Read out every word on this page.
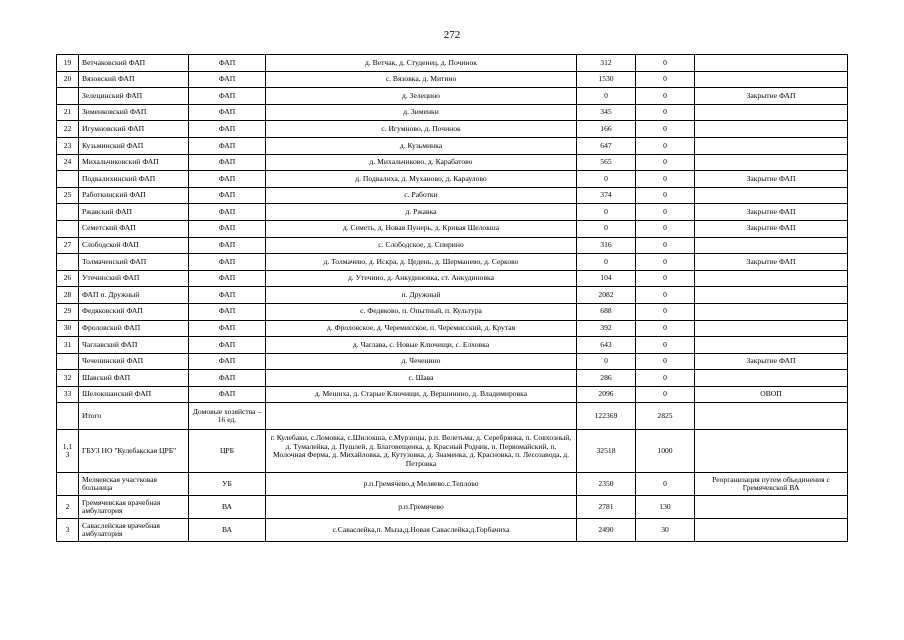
272
19	Ветчаковский ФАП	ФАП	д. Ветчак, д. Студенец, д. Починок	312	0	
20	Вязовский ФАП	ФАП	с. Вязовка, д. Митино	1530	0	
	Зелецинский ФАП	ФАП	д. Зелецино	0	0	Закрытие ФАП
21	Зименковский ФАП	ФАП	д. Зименки	345	0	
22	Игумновский ФАП	ФАП	с. Игумново, д. Починок	166	0	
23	Кузьминский ФАП	ФАП	д. Кузьминка	647	0	
24	Михальчиковский ФАП	ФАП	д. Михальчиково, д. Карабатово	565	0	
	Подвалихинский ФАП	ФАП	д. Подвалиха, д. Муханово, д. Караулово	0	0	Закрытие ФАП
25	Работкинский ФАП	ФАП	с. Работки	374	0	
	Ржавский ФАП	ФАП	д. Ржавка	0	0	Закрытие ФАП
	Семетский ФАП	ФАП	д. Семеть, д. Новая Пунерь, д. Кривая Шелокша	0	0	Закрытие ФАП
27	Слободской ФАП	ФАП	с. Слободское, д. Спирино	316	0	
	Толмаченский ФАП	ФАП	д. Толмачево, д. Искра, д. Цедень, д. Шерманево, д. Серково	0	0	Закрытие ФАП
26	Утечинский ФАП	ФАП	д. Утечино, д. Анкудиновка, ст. Анкудиновка	104	0	
28	ФАП п. Дружный	ФАП	п. Дружный	2082	0	
29	Федяковский ФАП	ФАП	с. Федяково, п. Опытный, п. Культура	688	0	
30	Фроловский ФАП	ФАП	д. Фроловское, д. Черемисское, п. Черемисский, д. Крутая	392	0	
31	Чаглавский ФАП	ФАП	д. Чаглава, с. Новые Ключищи, с. Елховка	643	0	
	Чеченинский ФАП	ФАП	д. Чеченино	0	0	Закрытие ФАП
32	Шавский ФАП	ФАП	с. Шава	286	0	
33	Шелокшанский ФАП	ФАП	д. Мешиха, д. Старые Ключищи, д. Вершинино, д. Владимировка	2096	0	ОВОП
	Итого	Домовые хозяйства – 16 ед.		122369	2825	
1,1 3	ГБУЗ НО "Кулебакская ЦРБ"	ЦРБ	г. Кулебаки, с.Ломовка, с.Шилокша, с.Мурзицы, р.п. Велетьма, д. Серебрянка, п. Совхозный, д. Тумалейка, д. Пушлей, д. Благовещенка, д. Красный Родник, п. Первомайский, п. Молочная Ферма, д. Михайловка, д. Кутузовка, д. Знаменка, д. Красновка, п. Лесозавода, д. Петровка	32518	1000	
	Меляевская участковая больница	УБ	р.п.Гремячево.д Меляево.с.Теплово	2350	0	Реорганизация путем объединения с Гремячевской ВА
2	Гремячевская врачебная амбулатория	ВА	р.п.Гремячево	2781	130	
3	Саваслейская врачебная амбулатория	ВА	с.Саваслейка,п. Мыза,д.Новая Саваслейка,д.Горбачиха	2490	30	
